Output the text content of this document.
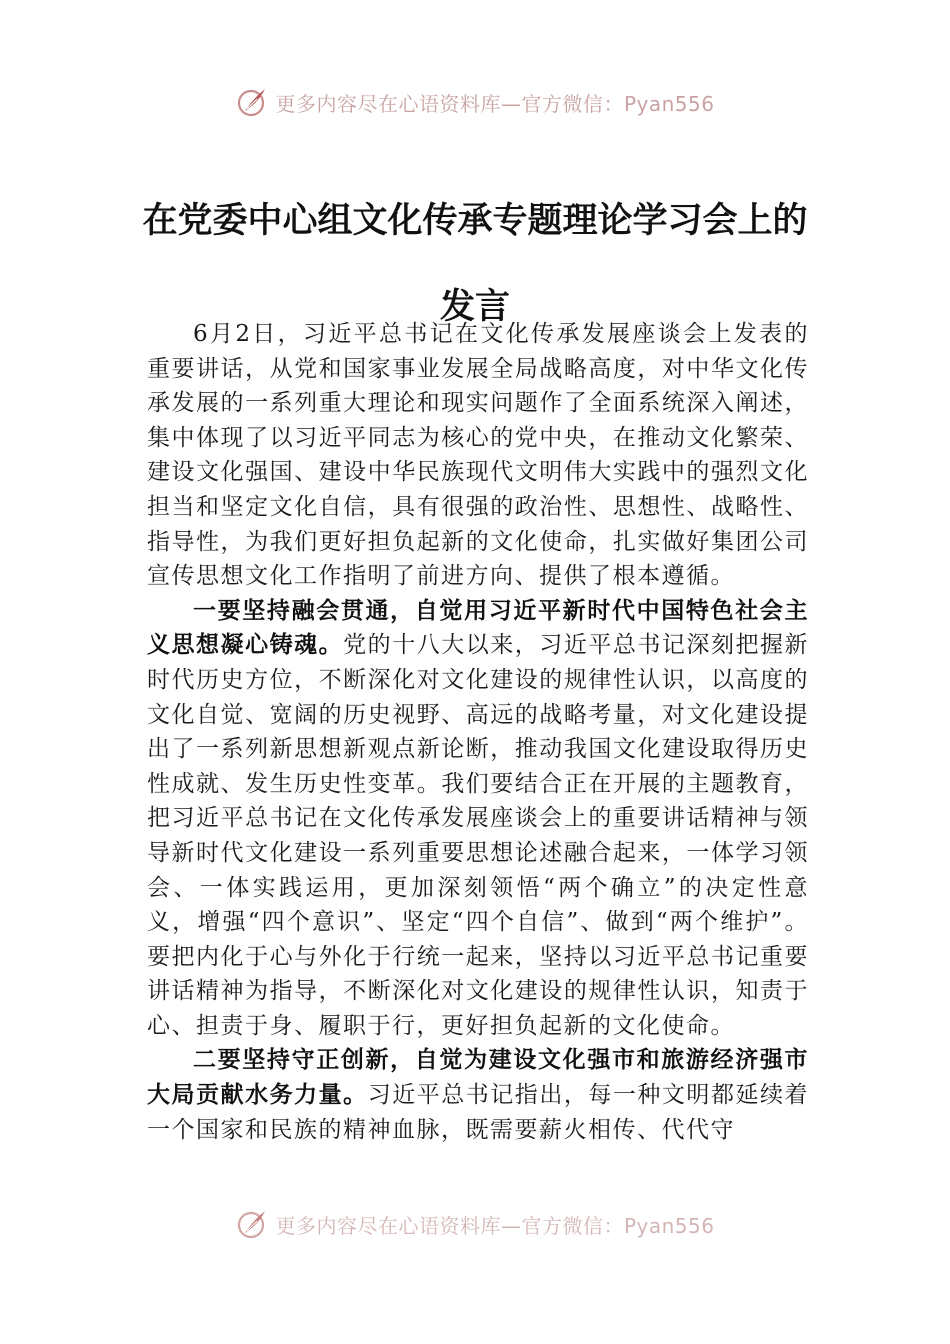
更多内容尽在心语资料库—官方微信：Pyan556
在党委中心组文化传承专题理论学习会上的发言

6月2日，习近平总书记在文化传承发展座谈会上发表的重要讲话，从党和国家事业发展全局战略高度，对中华文化传承发展的一系列重大理论和现实问题作了全面系统深入阐述，集中体现了以习近平同志为核心的党中央，在推动文化繁荣、建设文化强国、建设中华民族现代文明伟大实践中的强烈文化担当和坚定文化自信，具有很强的政治性、思想性、战略性、指导性，为我们更好担负起新的文化使命，扎实做好集团公司宣传思想文化工作指明了前进方向、提供了根本遵循。

一要坚持融会贯通，自觉用习近平新时代中国特色社会主义思想凝心铸魂。党的十八大以来，习近平总书记深刻把握新时代历史方位，不断深化对文化建设的规律性认识，以高度的文化自觉、宽阔的历史视野、高远的战略考量，对文化建设提出了一系列新思想新观点新论断，推动我国文化建设取得历史性成就、发生历史性变革。我们要结合正在开展的主题教育，把习近平总书记在文化传承发展座谈会上的重要讲话精神与领导新时代文化建设一系列重要思想论述融合起来，一体学习领会、一体实践运用，更加深刻领悟“两个确立”的决定性意义，增强“四个意识”、坚定“四个自信”、做到“两个维护”。要把内化于心与外化于行统一起来，坚持以习近平总书记重要讲话精神为指导，不断深化对文化建设的规律性认识，知责于心、担责于身、履职于行，更好担负起新的文化使命。

二要坚持守正创新，自觉为建设文化强市和旅游经济强市大局贡献水务力量。习近平总书记指出，每一种文明都延续着一个国家和民族的精神血脉，既需要薪火相传、代代守

更多内容尽在心语资料库—官方微信：Pyan556
